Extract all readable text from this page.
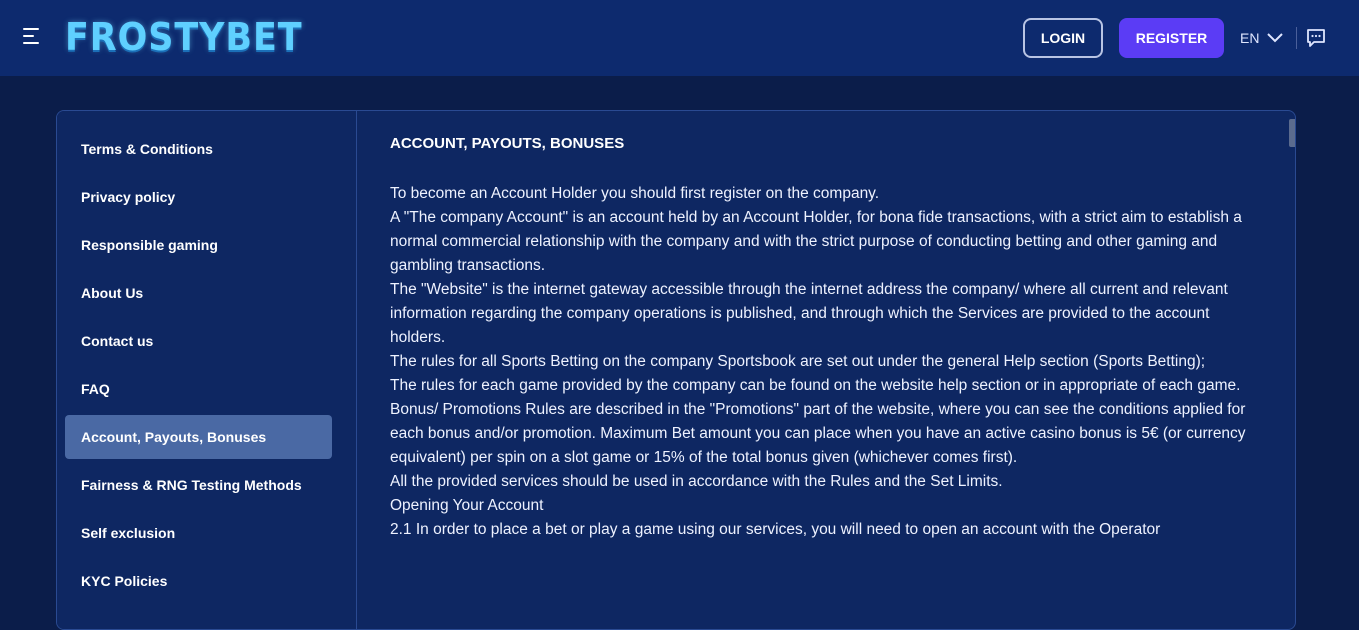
FROSTYBET	LOGIN	REGISTER	EN
Terms & Conditions
Privacy policy
Responsible gaming
About Us
Contact us
FAQ
Account, Payouts, Bonuses
Fairness & RNG Testing Methods
Self exclusion
KYC Policies
ACCOUNT, PAYOUTS, BONUSES

To become an Account Holder you should first register on the company.

A "The company Account" is an account held by an Account Holder, for bona fide transactions, with a strict aim to establish a normal commercial relationship with the company and with the strict purpose of conducting betting and other gaming and gambling transactions.

The "Website" is the internet gateway accessible through the internet address the company/ where all current and relevant information regarding the company operations is published, and through which the Services are provided to the account holders.

The rules for all Sports Betting on the company Sportsbook are set out under the general Help section (Sports Betting);

The rules for each game provided by the company can be found on the website help section or in appropriate of each game.

Bonus/ Promotions Rules are described in the "Promotions" part of the website, where you can see the conditions applied for each bonus and/or promotion. Maximum Bet amount you can place when you have an active casino bonus is 5€ (or currency equivalent) per spin on a slot game or 15% of the total bonus given (whichever comes first).

All the provided services should be used in accordance with the Rules and the Set Limits.

Opening Your Account

2.1 In order to place a bet or play a game using our services, you will need to open an account with the Operator
